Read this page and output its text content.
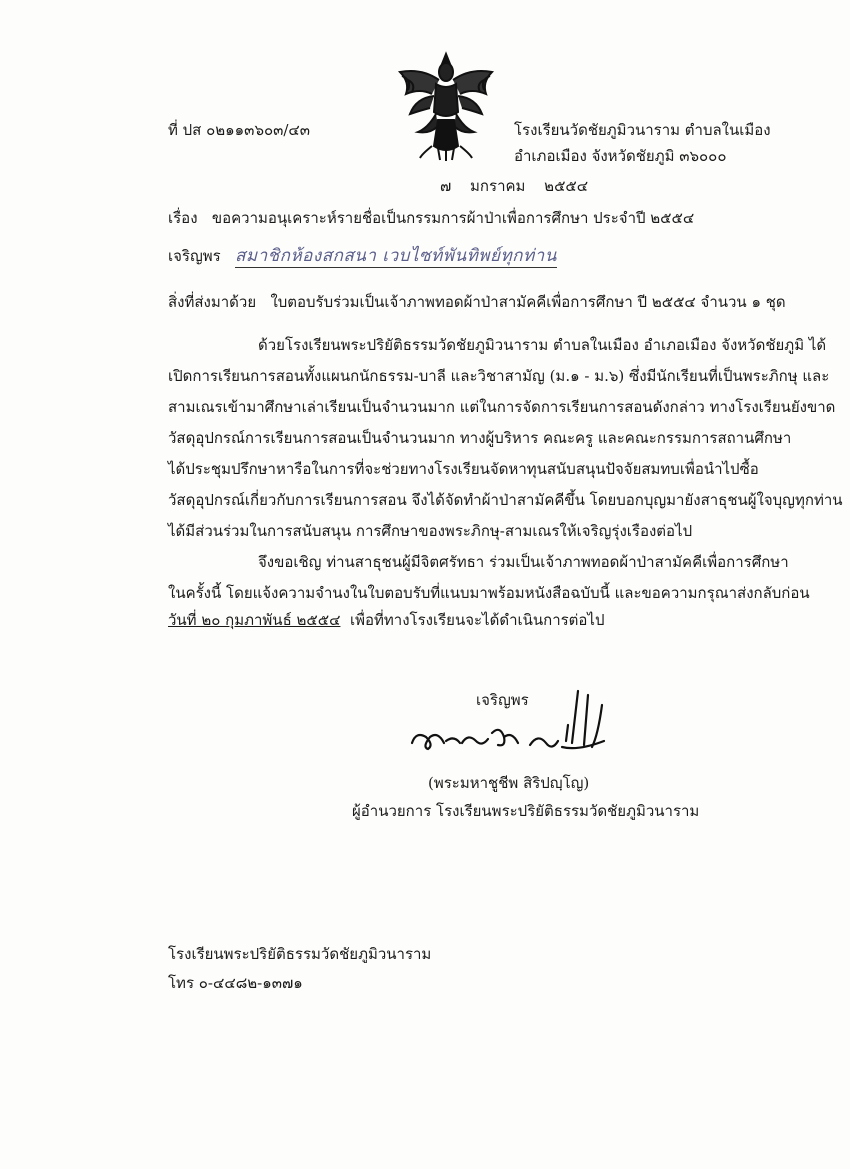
ที่ ปส ๐๒๑๑๓๖๐๓/๔๓	โรงเรียนวัดชัยภูมิวนาราม ตำบลในเมือง
อำเภอเมือง จังหวัดชัยภูมิ ๓๖๐๐๐
๗ มกราคม ๒๕๕๔
เรื่อง ขอความอนุเคราะห์รายชื่อเป็นกรรมการผ้าป่าเพื่อการศึกษา ประจำปี ๒๕๕๔
เจริญพร สมาชิกห้องสกสนา เวบไซท์พันทิพย์ทุกท่าน
สิ่งที่ส่งมาด้วย ใบตอบรับร่วมเป็นเจ้าภาพทอดผ้าป่าสามัคคีเพื่อการศึกษา ปี ๒๕๕๔ จำนวน ๑ ชุด
ด้วยโรงเรียนพระปริยัติธรรมวัดชัยภูมิวนาราม ตำบลในเมือง อำเภอเมือง จังหวัดชัยภูมิ ได้
เปิดการเรียนการสอนทั้งแผนกนักธรรม-บาลี และวิชาสามัญ (ม.๑ - ม.๖) ซึ่งมีนักเรียนที่เป็นพระภิกษุ และ
สามเณรเข้ามาศึกษาเล่าเรียนเป็นจำนวนมาก แต่ในการจัดการเรียนการสอนดังกล่าว ทางโรงเรียนยังขาด
วัสดุอุปกรณ์การเรียนการสอนเป็นจำนวนมาก ทางผู้บริหาร คณะครู และคณะกรรมการสถานศึกษา
ได้ประชุมปรึกษาหารือในการที่จะช่วยทางโรงเรียนจัดหาทุนสนับสนุนปัจจัยสมทบเพื่อนำไปซื้อ
วัสดุอุปกรณ์เกี่ยวกับการเรียนการสอน จึงได้จัดทำผ้าป่าสามัคคีขึ้น โดยบอกบุญมายังสาธุชนผู้ใจบุญทุกท่าน
ได้มีส่วนร่วมในการสนับสนุน การศึกษาของพระภิกษุ-สามเณรให้เจริญรุ่งเรืองต่อไป
จึงขอเชิญ ท่านสาธุชนผู้มีจิตศรัทธา ร่วมเป็นเจ้าภาพทอดผ้าป่าสามัคคีเพื่อการศึกษา
ในครั้งนี้ โดยแจ้งความจำนงในใบตอบรับที่แนบมาพร้อมหนังสือฉบับนี้ และขอความกรุณาส่งกลับก่อน
วันที่ ๒๐ กุมภาพันธ์ ๒๕๕๔ เพื่อที่ทางโรงเรียนจะได้ดำเนินการต่อไป
เจริญพร
(พระมหาชูชีพ สิริปญฺโญ)
ผู้อำนวยการ โรงเรียนพระปริยัติธรรมวัดชัยภูมิวนาราม
โรงเรียนพระปริยัติธรรมวัดชัยภูมิวนาราม
โทร ๐-๔๔๘๒-๑๓๗๑
